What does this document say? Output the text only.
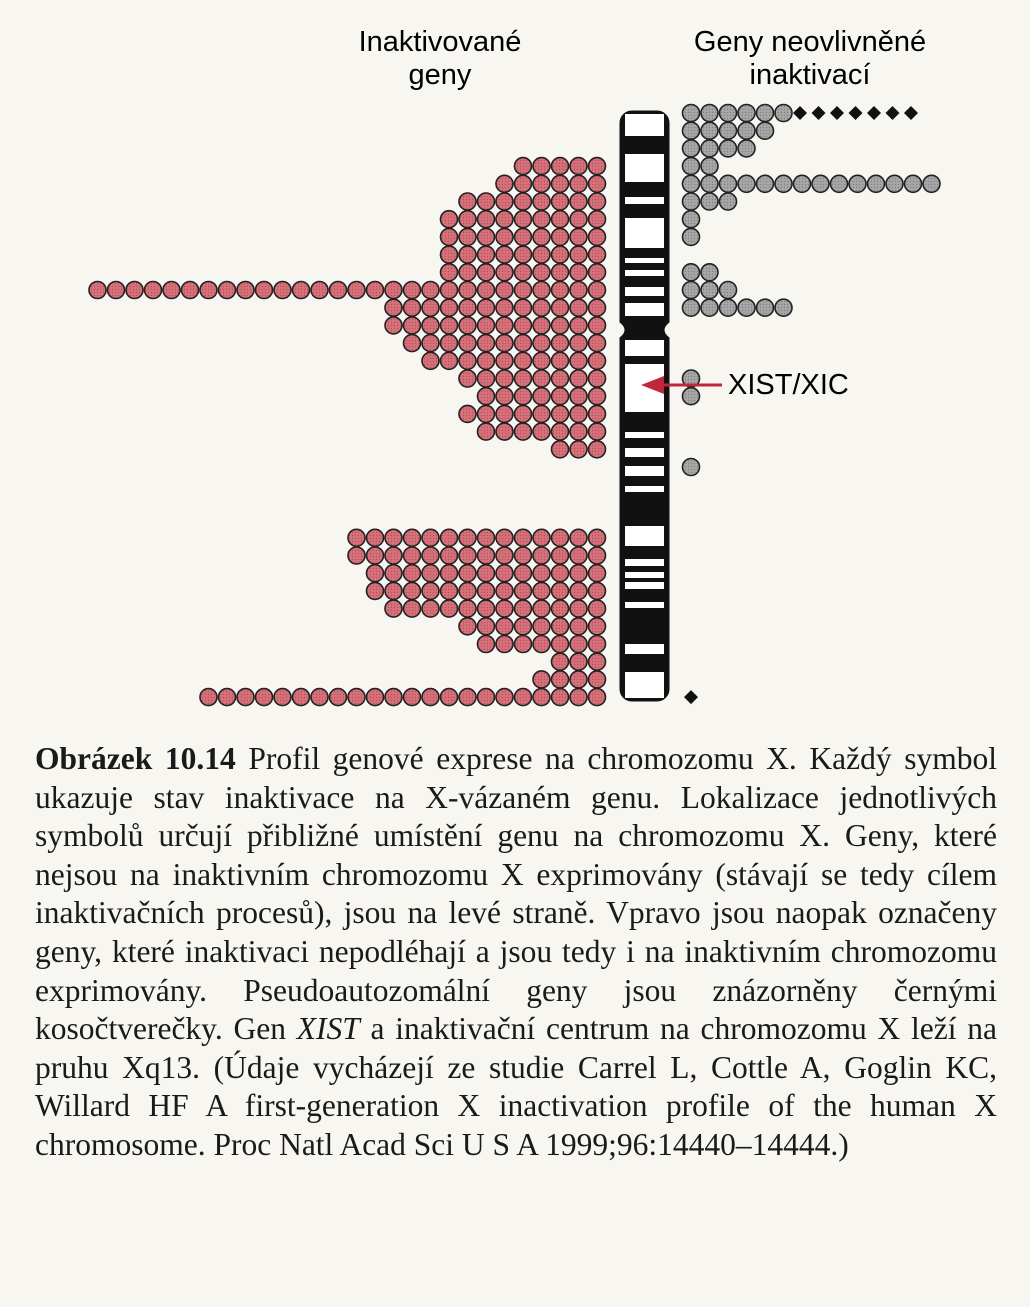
Inaktivované
geny
Geny neovlivněné
inaktivací
XIST/XIC
Obrázek 10.14 Profil genové exprese na chromozomu X. Každý symbol ukazuje stav inaktivace na X-vázaném genu. Lokalizace jednotlivých symbolů určují přibližné umístění genu na chromozomu X. Geny, které nejsou na inaktivním chromozomu X exprimovány (stávají se tedy cílem inaktivačních procesů), jsou na levé straně. Vpravo jsou naopak označeny geny, které inaktivaci nepodléhají a jsou tedy i na inaktivním chromozomu exprimovány. Pseudoautozomální geny jsou znázorněny černými kosočtverečky. Gen XIST a inaktivační centrum na chromozomu X leží na pruhu Xq13. (Údaje vycházejí ze studie Carrel L, Cottle A, Goglin KC, Willard HF A first-generation X inactivation profile of the human X chromosome. Proc Natl Acad Sci U S A 1999;96:14440–14444.)
